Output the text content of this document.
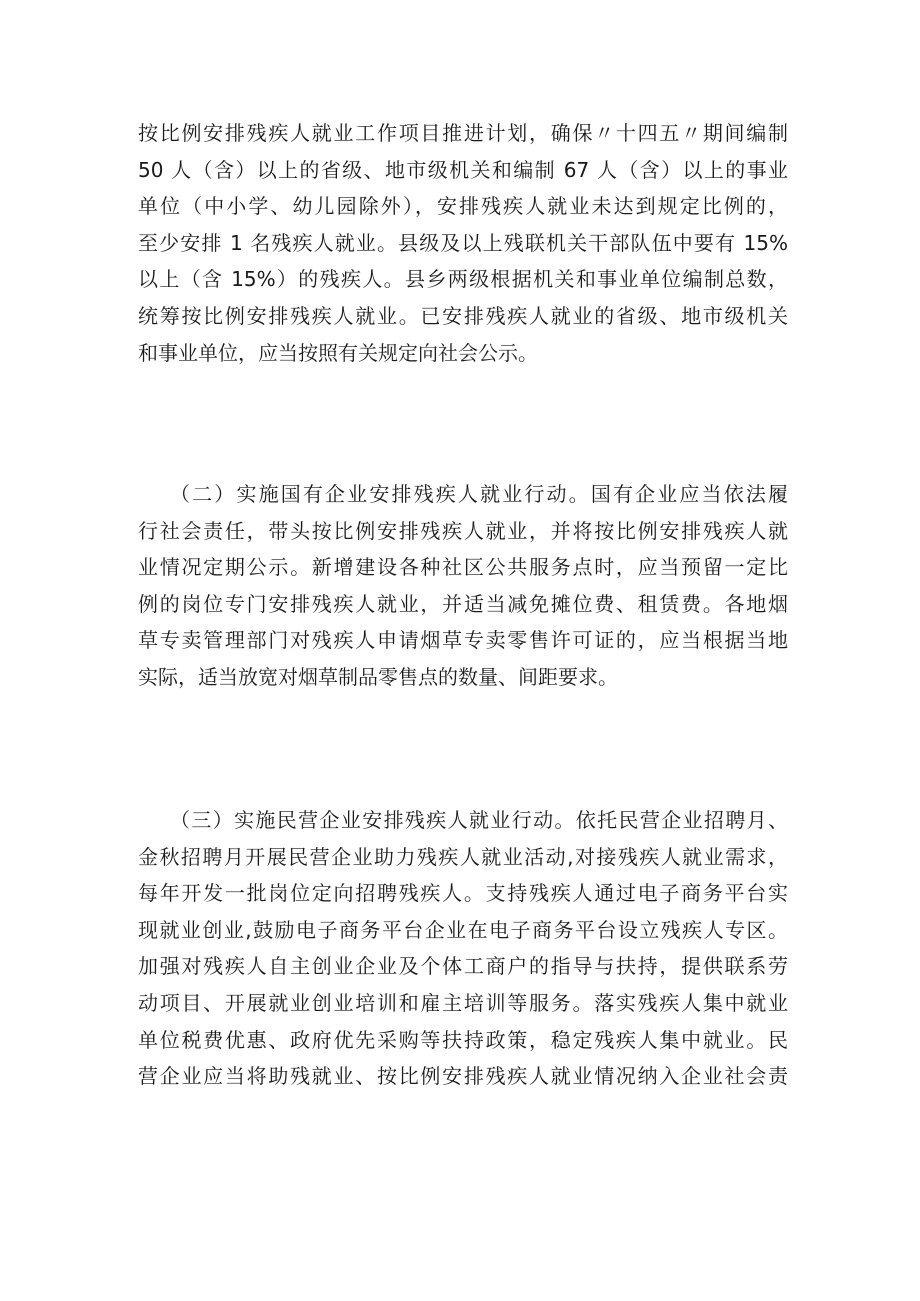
按比例安排残疾人就业工作项目推进计划，确保〃十四五〃期间编制
50 人（含）以上的省级、地市级机关和编制 67 人（含）以上的事业
单位（中小学、幼儿园除外），安排残疾人就业未达到规定比例的，
至少安排 1 名残疾人就业。县级及以上残联机关干部队伍中要有 15%
以上（含 15%）的残疾人。县乡两级根据机关和事业单位编制总数，
统筹按比例安排残疾人就业。已安排残疾人就业的省级、地市级机关
和事业单位，应当按照有关规定向社会公示。
（二）实施国有企业安排残疾人就业行动。国有企业应当依法履
行社会责任，带头按比例安排残疾人就业，并将按比例安排残疾人就
业情况定期公示。新增建设各种社区公共服务点时，应当预留一定比
例的岗位专门安排残疾人就业，并适当减免摊位费、租赁费。各地烟
草专卖管理部门对残疾人申请烟草专卖零售许可证的，应当根据当地
实际，适当放宽对烟草制品零售点的数量、间距要求。
（三）实施民营企业安排残疾人就业行动。依托民营企业招聘月、
金秋招聘月开展民营企业助力残疾人就业活动,对接残疾人就业需求，
每年开发一批岗位定向招聘残疾人。支持残疾人通过电子商务平台实
现就业创业,鼓励电子商务平台企业在电子商务平台设立残疾人专区。
加强对残疾人自主创业企业及个体工商户的指导与扶持，提供联系劳
动项目、开展就业创业培训和雇主培训等服务。落实残疾人集中就业
单位税费优惠、政府优先采购等扶持政策，稳定残疾人集中就业。民
营企业应当将助残就业、按比例安排残疾人就业情况纳入企业社会责
